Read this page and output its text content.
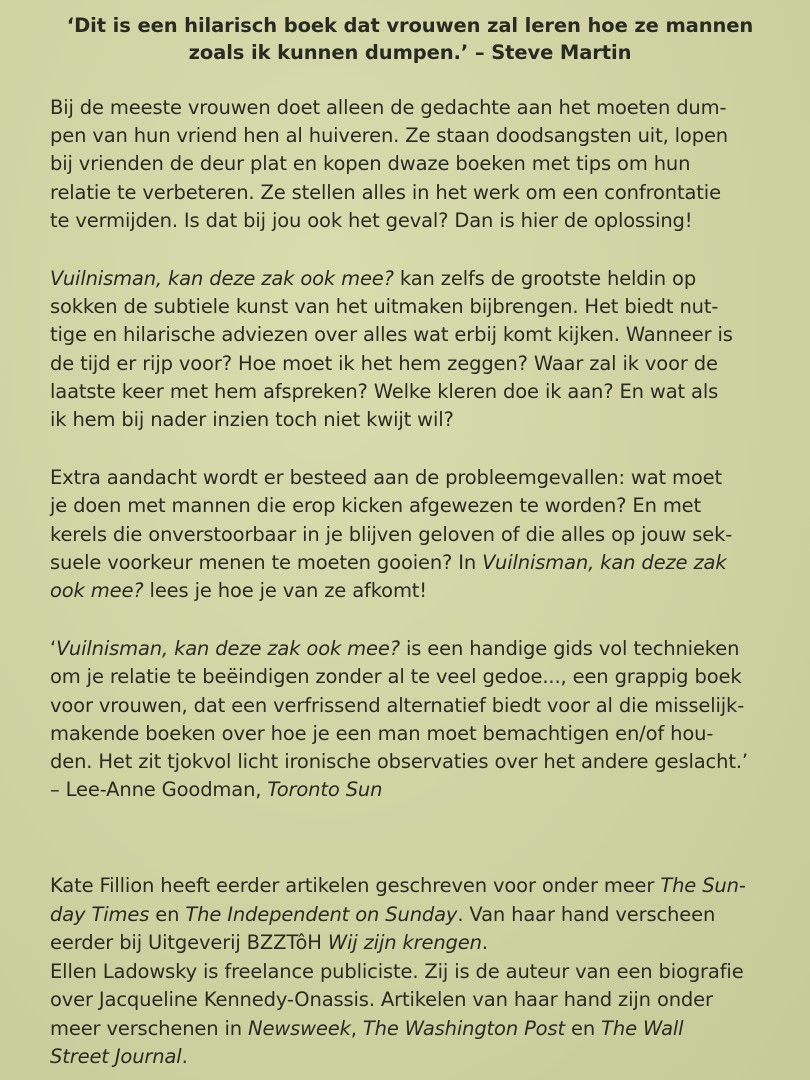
‘Dit is een hilarisch boek dat vrouwen zal leren hoe ze mannen
zoals ik kunnen dumpen.’ – Steve Martin
Bij de meeste vrouwen doet alleen de gedachte aan het moeten dum-
pen van hun vriend hen al huiveren. Ze staan doodsangsten uit, lopen
bij vrienden de deur plat en kopen dwaze boeken met tips om hun
relatie te verbeteren. Ze stellen alles in het werk om een confrontatie
te vermijden. Is dat bij jou ook het geval? Dan is hier de oplossing!
Vuilnisman, kan deze zak ook mee? kan zelfs de grootste heldin op
sokken de subtiele kunst van het uitmaken bijbrengen. Het biedt nut-
tige en hilarische adviezen over alles wat erbij komt kijken. Wanneer is
de tijd er rijp voor? Hoe moet ik het hem zeggen? Waar zal ik voor de
laatste keer met hem afspreken? Welke kleren doe ik aan? En wat als
ik hem bij nader inzien toch niet kwijt wil?
Extra aandacht wordt er besteed aan de probleemgevallen: wat moet
je doen met mannen die erop kicken afgewezen te worden? En met
kerels die onverstoorbaar in je blijven geloven of die alles op jouw sek-
suele voorkeur menen te moeten gooien? In Vuilnisman, kan deze zak
ook mee? lees je hoe je van ze afkomt!
‘Vuilnisman, kan deze zak ook mee? is een handige gids vol technieken
om je relatie te beëindigen zonder al te veel gedoe..., een grappig boek
voor vrouwen, dat een verfrissend alternatief biedt voor al die misselijk-
makende boeken over hoe je een man moet bemachtigen en/of hou-
den. Het zit tjokvol licht ironische observaties over het andere geslacht.’
– Lee-Anne Goodman, Toronto Sun
Kate Fillion heeft eerder artikelen geschreven voor onder meer The Sun-
day Times en The Independent on Sunday. Van haar hand verscheen
eerder bij Uitgeverij BZZTôH Wij zijn krengen.
Ellen Ladowsky is freelance publiciste. Zij is de auteur van een biografie
over Jacqueline Kennedy-Onassis. Artikelen van haar hand zijn onder
meer verschenen in Newsweek, The Washington Post en The Wall
Street Journal.
